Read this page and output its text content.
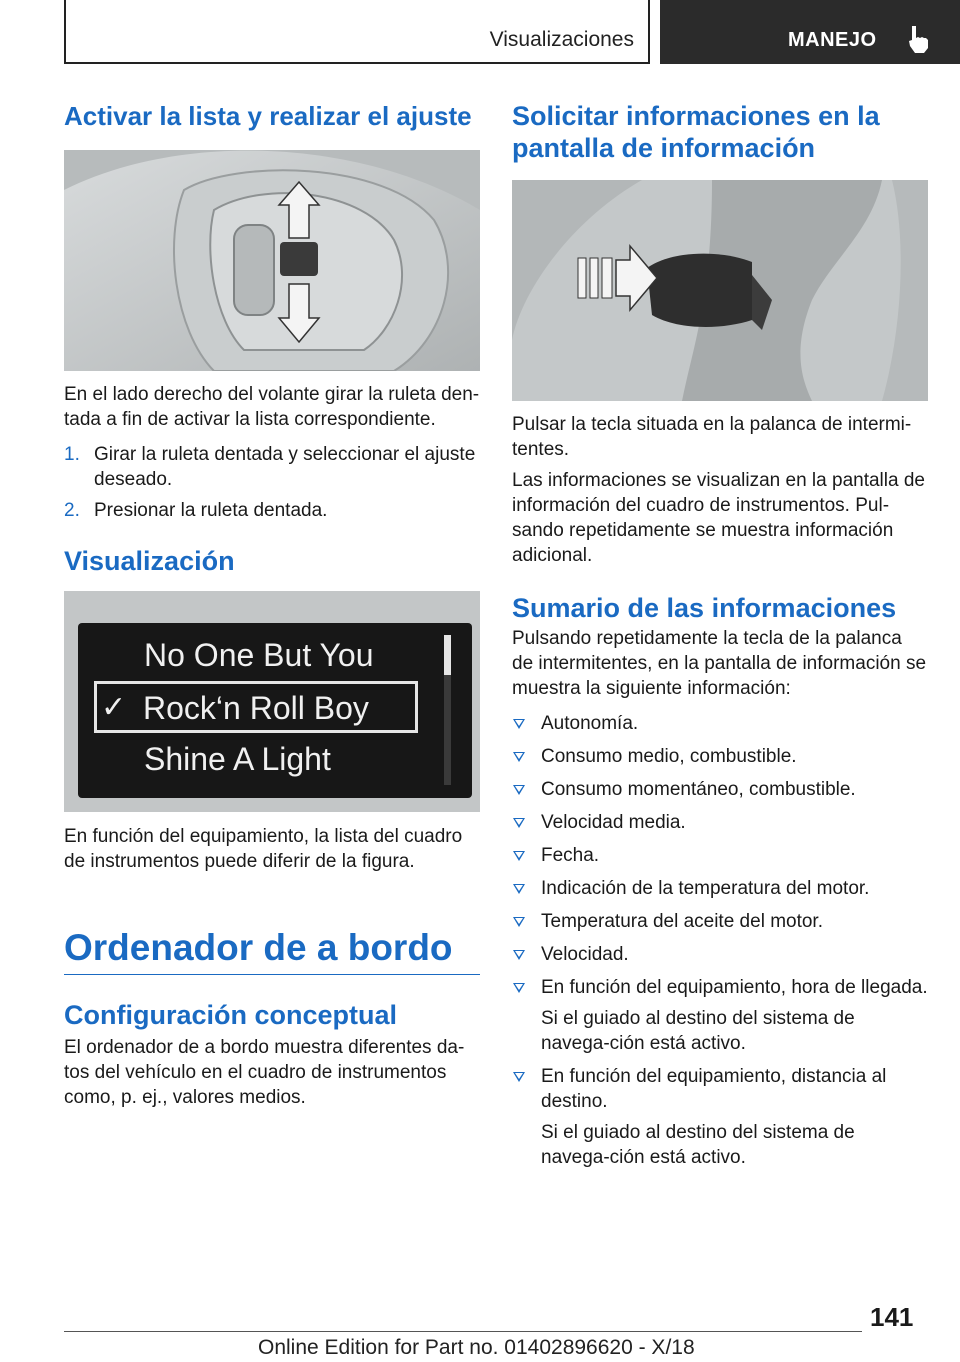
Visualizaciones	MANEJO
Activar la lista y realizar el ajuste

En el lado derecho del volante girar la ruleta den-tada a fin de activar la lista correspondiente.

1. Girar la ruleta dentada y seleccionar el ajuste deseado.
2. Presionar la ruleta dentada.
Visualización
No One But You
✓ Rock‘n Roll Boy
Shine A Light

En función del equipamiento, la lista del cuadro de instrumentos puede diferir de la figura.

Ordenador de a bordo
Configuración conceptual

El ordenador de a bordo muestra diferentes da-tos del vehículo en el cuadro de instrumentos como, p. ej., valores medios.

Solicitar informaciones en la pantalla de información

Pulsar la tecla situada en la palanca de intermi-tentes.

Las informaciones se visualizan en la pantalla de información del cuadro de instrumentos. Pul-sando repetidamente se muestra información adicional.

Sumario de las informaciones

Pulsando repetidamente la tecla de la palanca de intermitentes, en la pantalla de información se muestra la siguiente información:

Autonomía.
Consumo medio, combustible.
Consumo momentáneo, combustible.
Velocidad media.
Fecha.
Indicación de la temperatura del motor.
Temperatura del aceite del motor.
Velocidad.
En función del equipamiento, hora de llegada.
Si el guiado al destino del sistema de navega-ción está activo.
En función del equipamiento, distancia al destino.
Si el guiado al destino del sistema de navega-ción está activo.
141
Online Edition for Part no. 01402896620 - X/18
